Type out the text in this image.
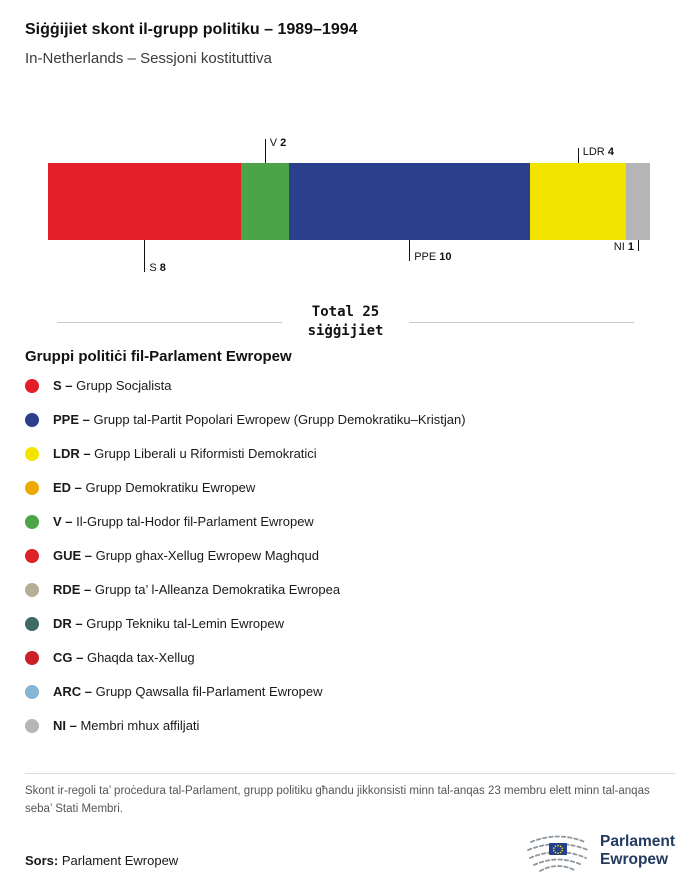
Siġġijiet skont il-grupp politiku – 1989–1994
In-Netherlands – Sessjoni kostituttiva
S 8
V 2
PPE 10
LDR 4
NI 1
Total 25
siġġijiet
Gruppi politiċi fil-Parlament Ewropew
S – Grupp Socjalista
PPE – Grupp tal-Partit Popolari Ewropew (Grupp Demokratiku–Kristjan)
LDR – Grupp Liberali u Riformisti Demokratici
ED – Grupp Demokratiku Ewropew
V – Il-Grupp tal-Hodor fil-Parlament Ewropew
GUE – Grupp ghax-Xellug Ewropew Maghqud
RDE – Grupp ta’ l-Alleanza Demokratika Ewropea
DR – Grupp Tekniku tal-Lemin Ewropew
CG – Ghaqda tax-Xellug
ARC – Grupp Qawsalla fil-Parlament Ewropew
NI – Membri mhux affiljati

Skont ir-regoli ta’ proċedura tal-Parlament, grupp politiku għandu jikkonsisti minn tal-anqas 23 membru elett minn tal-anqas seba’ Stati Membri.

Sors: Parlament Ewropew
Parlament
Ewropew
